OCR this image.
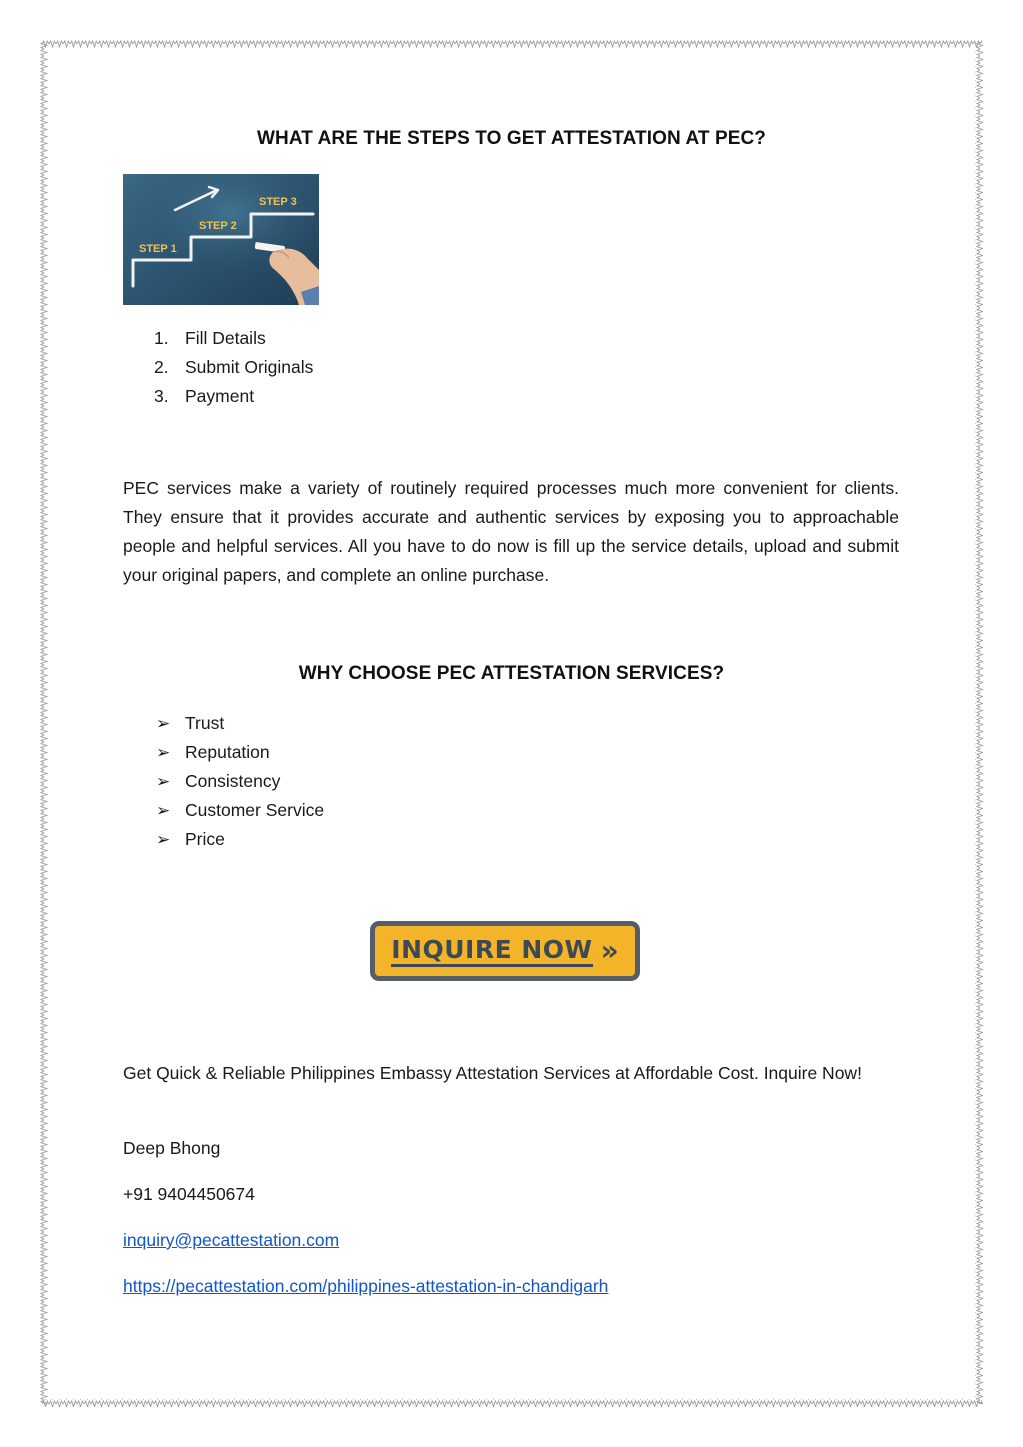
WHAT ARE THE STEPS TO GET ATTESTATION AT PEC?
STEP 1
STEP 2
STEP 3
1. Fill Details
2. Submit Originals
3. Payment
PEC services make a variety of routinely required processes much more convenient for clients. They ensure that it provides accurate and authentic services by exposing you to approachable people and helpful services. All you have to do now is fill up the service details, upload and submit your original papers, and complete an online purchase.
WHY CHOOSE PEC ATTESTATION SERVICES?
➢ Trust
➢ Reputation
➢ Consistency
➢ Customer Service
➢ Price
INQUIRE NOW »
Get Quick & Reliable Philippines Embassy Attestation Services at Affordable Cost. Inquire Now!
Deep Bhong
+91 9404450674
inquiry@pecattestation.com
https://pecattestation.com/philippines-attestation-in-chandigarh
